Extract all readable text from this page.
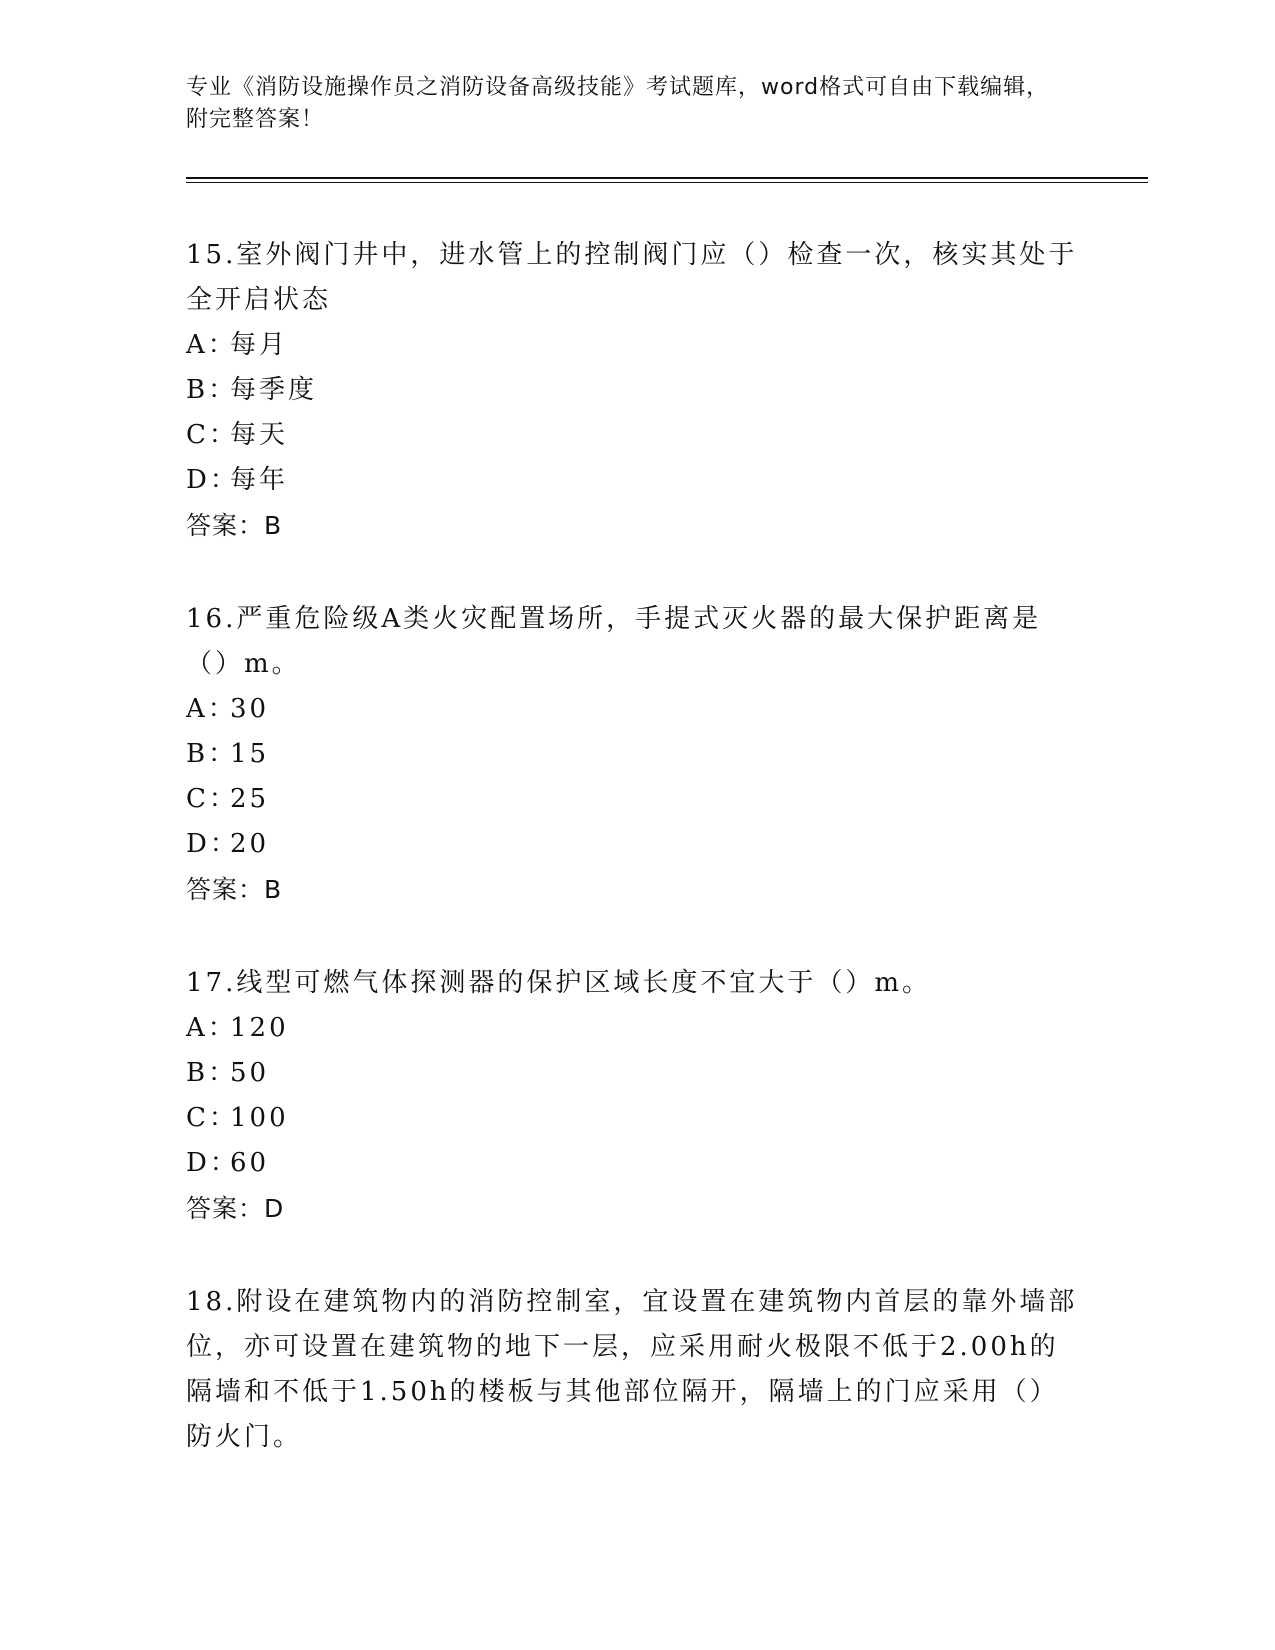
专业《消防设施操作员之消防设备高级技能》考试题库，word格式可自由下载编辑，附完整答案！
15.室外阀门井中，进水管上的控制阀门应（）检查一次，核实其处于全开启状态
A：每月
B：每季度
C：每天
D：每年
答案：B
16.严重危险级A类火灾配置场所，手提式灭火器的最大保护距离是（）m。
A：30
B：15
C：25
D：20
答案：B
17.线型可燃气体探测器的保护区域长度不宜大于（）m。
A：120
B：50
C：100
D：60
答案：D
18.附设在建筑物内的消防控制室，宜设置在建筑物内首层的靠外墙部位，亦可设置在建筑物的地下一层，应采用耐火极限不低于2.00h的隔墙和不低于1.50h的楼板与其他部位隔开，隔墙上的门应采用（）防火门。
